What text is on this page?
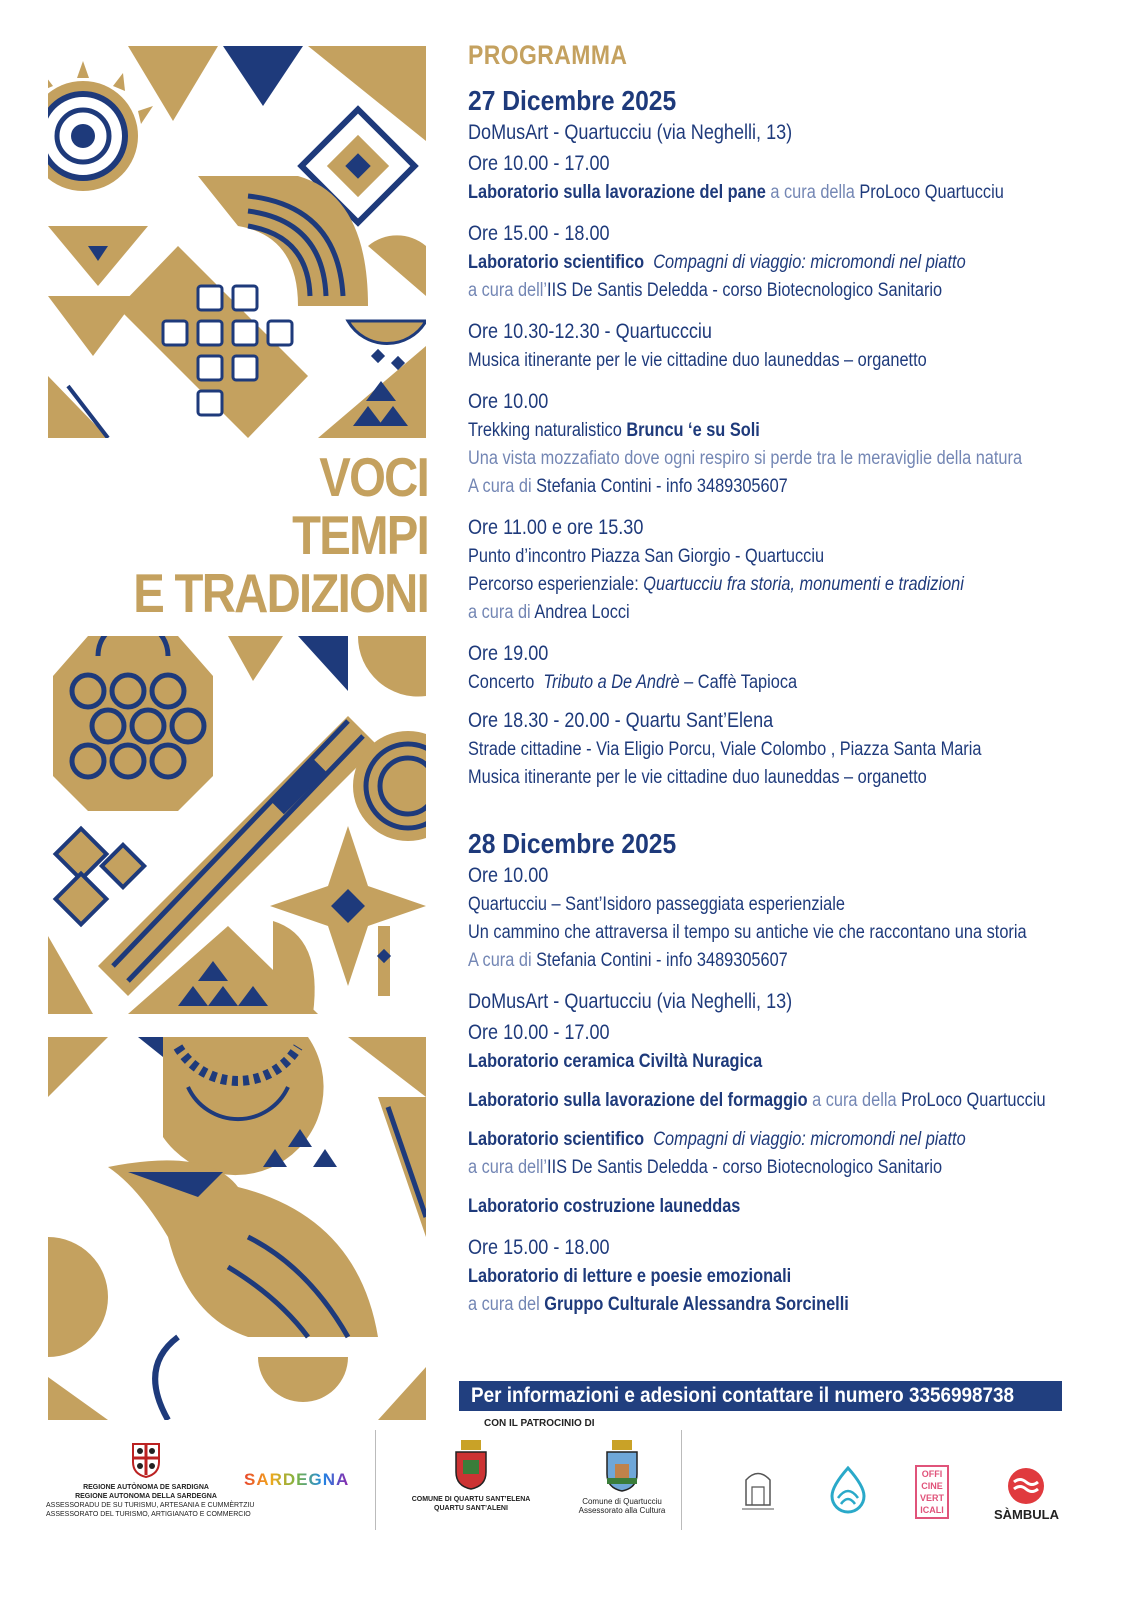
VOCI
TEMPI
E TRADIZIONI
PROGRAMMA
27 Dicembre 2025
DoMusArt - Quartucciu (via Neghelli, 13)
Ore 10.00 - 17.00
Laboratorio sulla lavorazione del pane a cura della ProLoco Quartucciu
Ore 15.00 - 18.00
Laboratorio scientifico Compagni di viaggio: micromondi nel piatto
a cura dell’IIS De Santis Deledda - corso Biotecnologico Sanitario
Ore 10.30-12.30 - Quartuccciu
Musica itinerante per le vie cittadine duo launeddas – organetto
Ore 10.00
Trekking naturalistico Bruncu ‘e su Soli
Una vista mozzafiato dove ogni respiro si perde tra le meraviglie della natura
A cura di Stefania Contini - info 3489305607
Ore 11.00 e ore 15.30
Punto d’incontro Piazza San Giorgio - Quartucciu
Percorso esperienziale: Quartucciu fra storia, monumenti e tradizioni
a cura di Andrea Locci
Ore 19.00
Concerto  Tributo a De Andrè – Caffè Tapioca
Ore 18.30 - 20.00 - Quartu Sant’Elena
Strade cittadine - Via Eligio Porcu, Viale Colombo , Piazza Santa Maria
Musica itinerante per le vie cittadine duo launeddas – organetto
28 Dicembre 2025
Ore 10.00
Quartucciu – Sant’Isidoro passeggiata esperienziale
Un cammino che attraversa il tempo su antiche vie che raccontano una storia
A cura di Stefania Contini - info 3489305607
DoMusArt - Quartucciu (via Neghelli, 13)
Ore 10.00 - 17.00
Laboratorio ceramica Civiltà Nuragica
Laboratorio sulla lavorazione del formaggio a cura della ProLoco Quartucciu
Laboratorio scientifico Compagni di viaggio: micromondi nel piatto
a cura dell’IIS De Santis Deledda - corso Biotecnologico Sanitario
Laboratorio costruzione launeddas
Ore 15.00 - 18.00
Laboratorio di letture e poesie emozionali
a cura del Gruppo Culturale Alessandra Sorcinelli
Per informazioni e adesioni contattare il numero 3356998738
CON IL PATROCINIO DI
REGIONE AUTÒNOMA DE SARDIGNA
REGIONE AUTONOMA DELLA SARDEGNA
ASSESSORADU DE SU TURISMU, ARTESANIA E CUMMÈRTZIU
ASSESSORATO DEL TURISMO, ARTIGIANATO E COMMERCIO
SARDEGNA
COMUNE DI QUARTU SANT’ELENA
QUARTU SANT’ALENI
Comune di Quartucciu
Assessorato alla Cultura
OFFI
CINE
VERT
ICALI	SÀMBULA
